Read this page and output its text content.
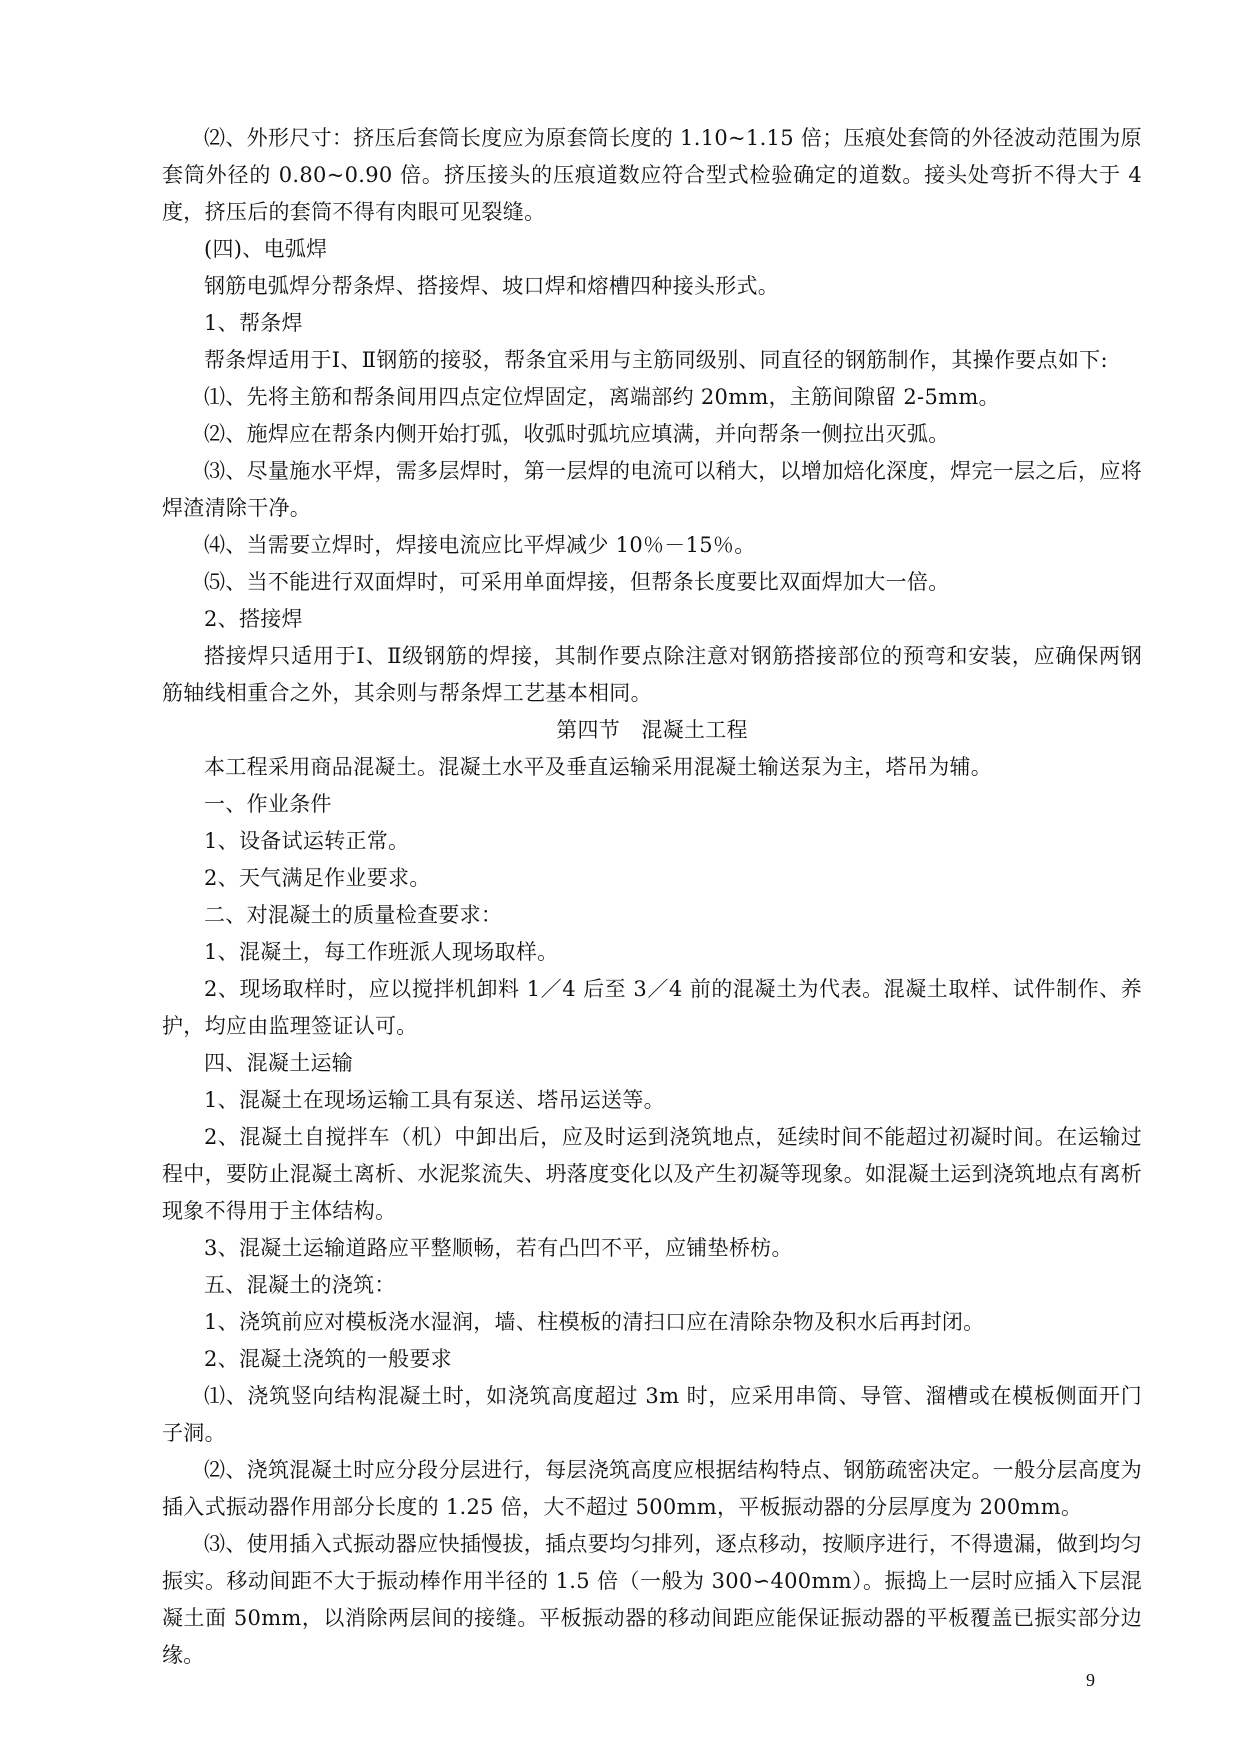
⑵、外形尺寸：挤压后套筒长度应为原套筒长度的 1.10~1.15 倍；压痕处套筒的外径波动范围为原套筒外径的 0.80~0.90 倍。挤压接头的压痕道数应符合型式检验确定的道数。接头处弯折不得大于 4 度，挤压后的套筒不得有肉眼可见裂缝。

(四)、电弧焊

钢筋电弧焊分帮条焊、搭接焊、坡口焊和熔槽四种接头形式。

1、帮条焊

帮条焊适用于Ⅰ、Ⅱ钢筋的接驳，帮条宜采用与主筋同级别、同直径的钢筋制作，其操作要点如下:

⑴、先将主筋和帮条间用四点定位焊固定，离端部约 20mm，主筋间隙留 2-5mm。

⑵、施焊应在帮条内侧开始打弧，收弧时弧坑应填满，并向帮条一侧拉出灭弧。

⑶、尽量施水平焊，需多层焊时，第一层焊的电流可以稍大，以增加焙化深度，焊完一层之后，应将焊渣清除干净。

⑷、当需要立焊时，焊接电流应比平焊减少 10％－15％。

⑸、当不能进行双面焊时，可采用单面焊接，但帮条长度要比双面焊加大一倍。

2、搭接焊

搭接焊只适用于Ⅰ、Ⅱ级钢筋的焊接，其制作要点除注意对钢筋搭接部位的预弯和安装，应确保两钢筋轴线相重合之外，其余则与帮条焊工艺基本相同。

第四节　混凝土工程

本工程采用商品混凝土。混凝土水平及垂直运输采用混凝土输送泵为主，塔吊为辅。

一、作业条件

1、设备试运转正常。

2、天气满足作业要求。

二、对混凝土的质量检查要求：

1、混凝土，每工作班派人现场取样。

2、现场取样时，应以搅拌机卸料 1／4 后至 3／4 前的混凝土为代表。混凝土取样、试件制作、养护，均应由监理签证认可。

四、混凝土运输

1、混凝土在现场运输工具有泵送、塔吊运送等。

2、混凝土自搅拌车（机）中卸出后，应及时运到浇筑地点，延续时间不能超过初凝时间。在运输过程中，要防止混凝土离析、水泥浆流失、坍落度变化以及产生初凝等现象。如混凝土运到浇筑地点有离析现象不得用于主体结构。

3、混凝土运输道路应平整顺畅，若有凸凹不平，应铺垫桥枋。

五、混凝土的浇筑：

1、浇筑前应对模板浇水湿润，墙、柱模板的清扫口应在清除杂物及积水后再封闭。

2、混凝土浇筑的一般要求

⑴、浇筑竖向结构混凝土时，如浇筑高度超过 3m 时，应采用串筒、导管、溜槽或在模板侧面开门子洞。

⑵、浇筑混凝土时应分段分层进行，每层浇筑高度应根据结构特点、钢筋疏密决定。一般分层高度为插入式振动器作用部分长度的 1.25 倍，大不超过 500mm，平板振动器的分层厚度为 200mm。

⑶、使用插入式振动器应快插慢拔，插点要均匀排列，逐点移动，按顺序进行，不得遗漏，做到均匀振实。移动间距不大于振动棒作用半径的 1.5 倍（一般为 300∽400mm）。振捣上一层时应插入下层混凝土面 50mm，以消除两层间的接缝。平板振动器的移动间距应能保证振动器的平板覆盖已振实部分边缘。

9
